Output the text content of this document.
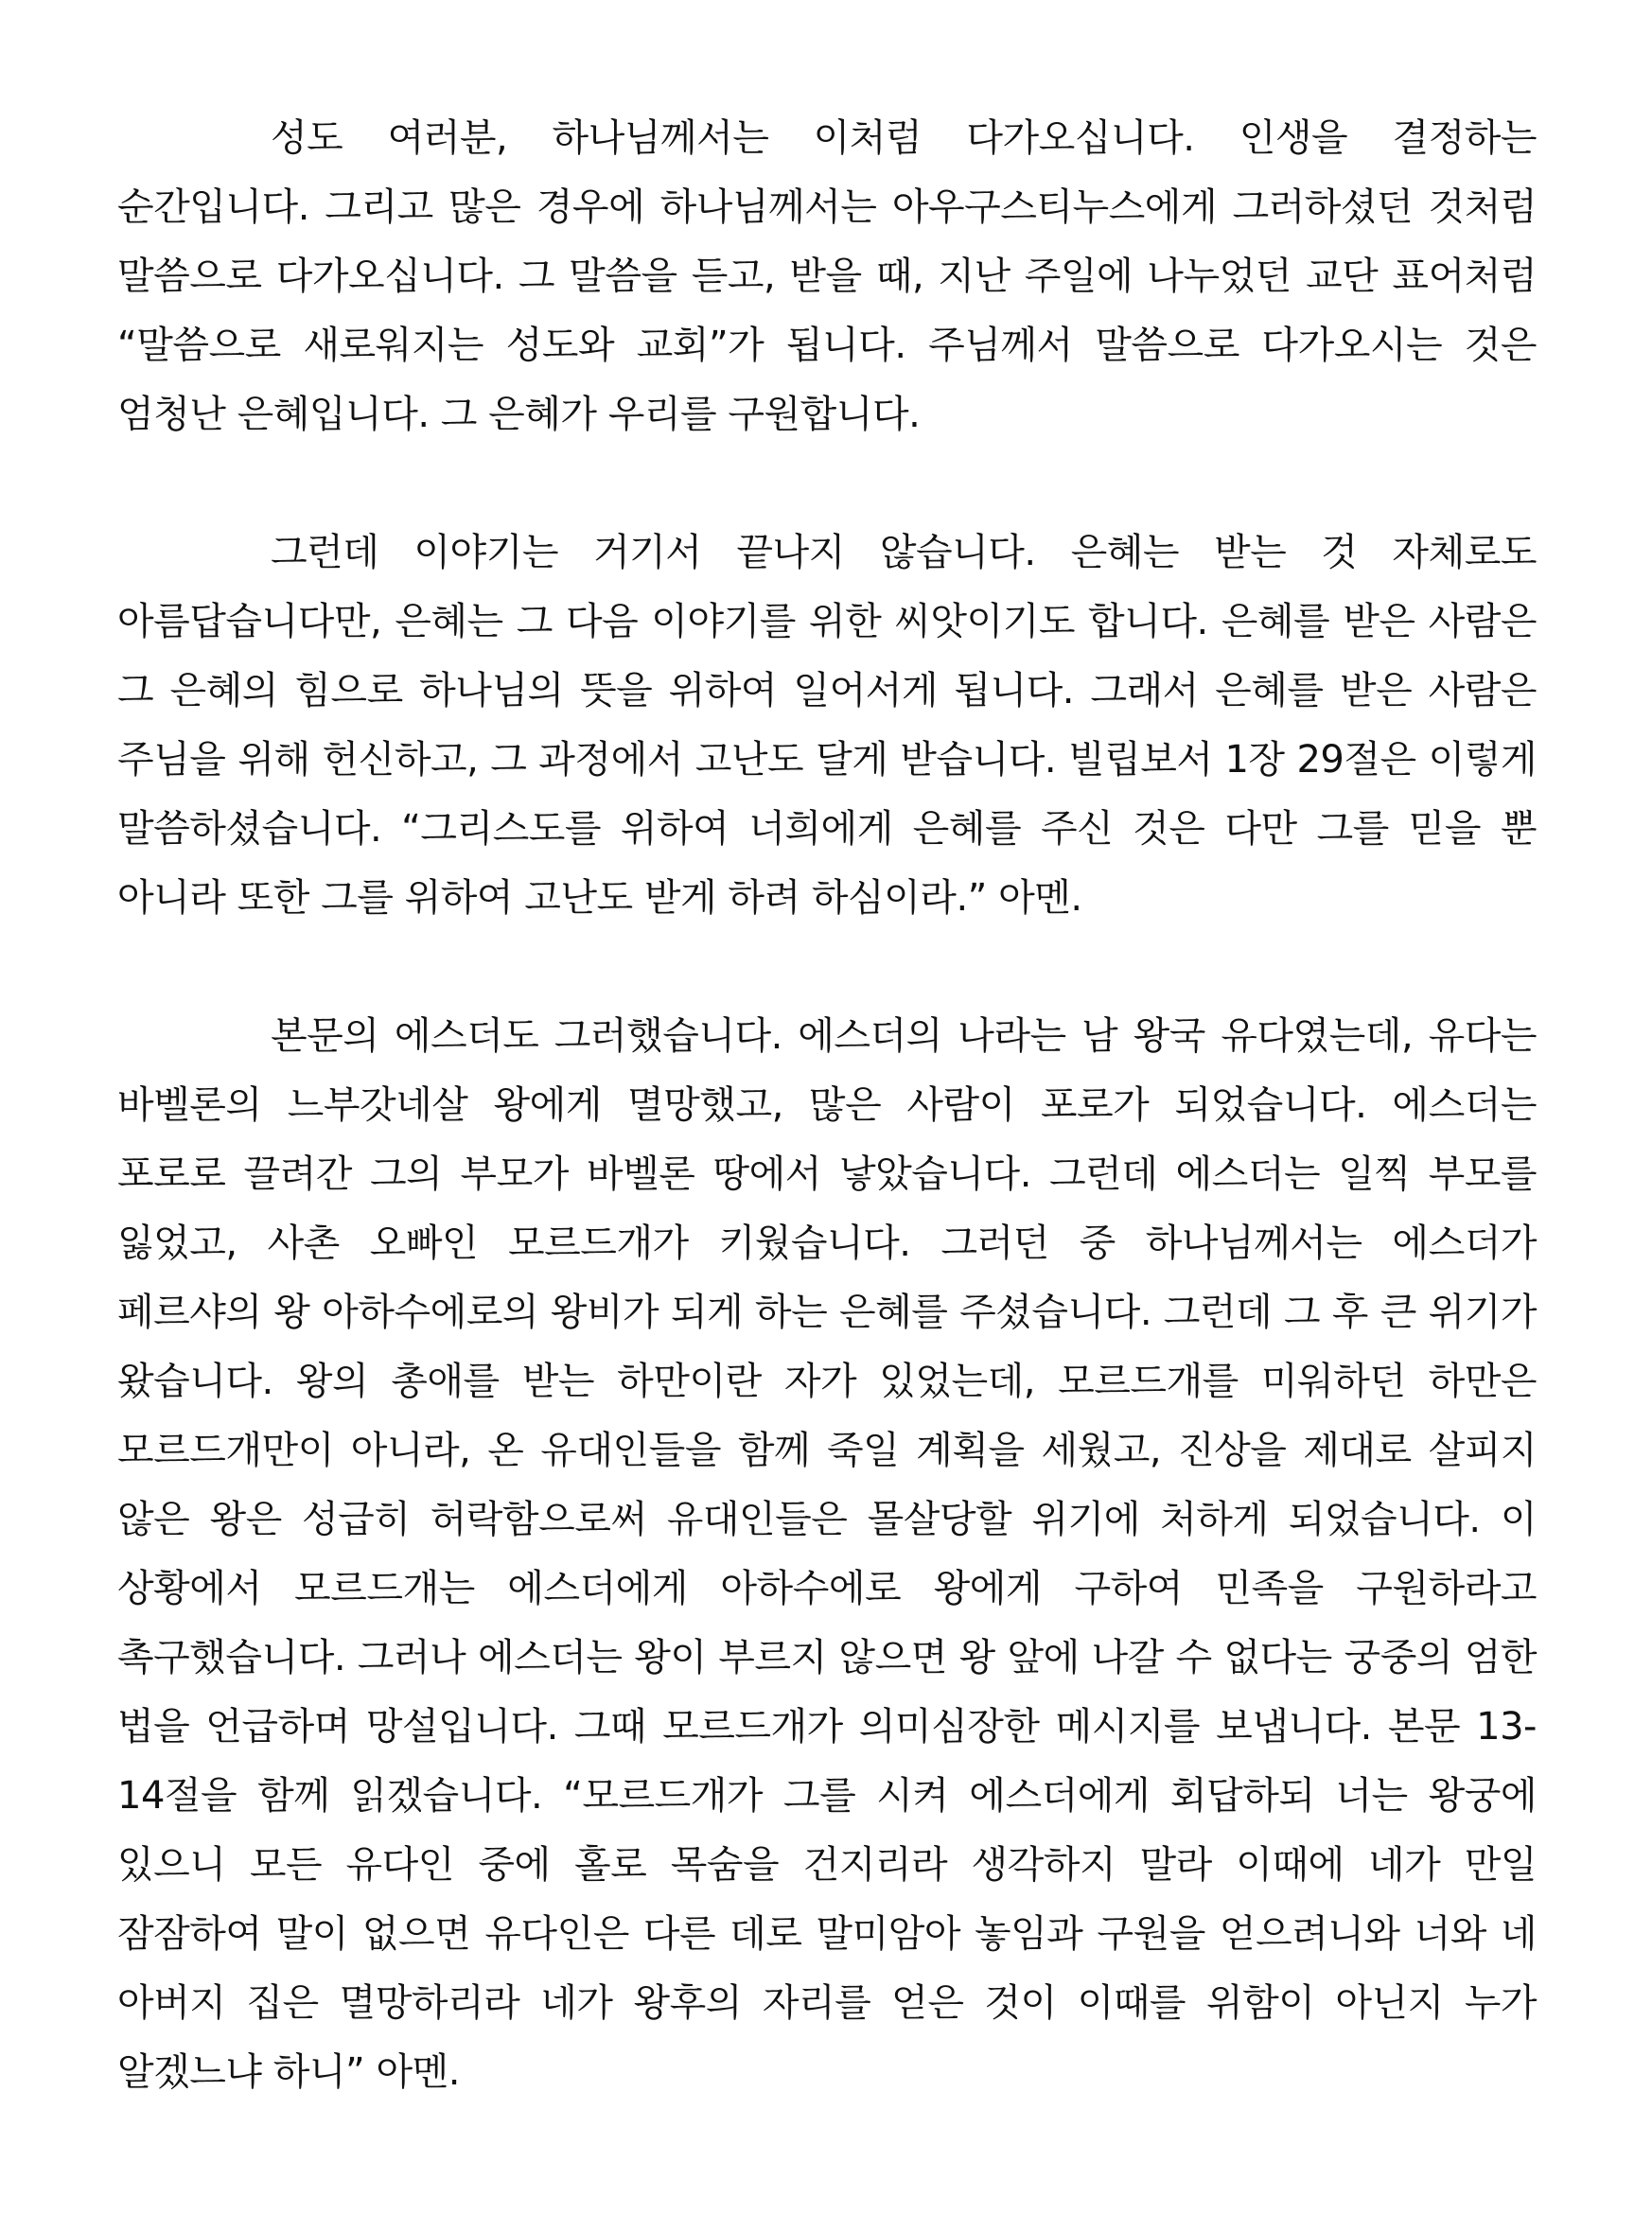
성도 여러분, 하나님께서는 이처럼 다가오십니다. 인생을 결정하는 순간입니다. 그리고 많은 경우에 하나님께서는 아우구스티누스에게 그러하셨던 것처럼 말씀으로 다가오십니다. 그 말씀을 듣고, 받을 때, 지난 주일에 나누었던 교단 표어처럼 “말씀으로 새로워지는 성도와 교회”가 됩니다. 주님께서 말씀으로 다가오시는 것은 엄청난 은혜입니다. 그 은혜가 우리를 구원합니다.

그런데 이야기는 거기서 끝나지 않습니다. 은혜는 받는 것 자체로도 아름답습니다만, 은혜는 그 다음 이야기를 위한 씨앗이기도 합니다. 은혜를 받은 사람은 그 은혜의 힘으로 하나님의 뜻을 위하여 일어서게 됩니다. 그래서 은혜를 받은 사람은 주님을 위해 헌신하고, 그 과정에서 고난도 달게 받습니다. 빌립보서 1장 29절은 이렇게 말씀하셨습니다. “그리스도를 위하여 너희에게 은혜를 주신 것은 다만 그를 믿을 뿐 아니라 또한 그를 위하여 고난도 받게 하려 하심이라.” 아멘.

본문의 에스더도 그러했습니다. 에스더의 나라는 남 왕국 유다였는데, 유다는 바벨론의 느부갓네살 왕에게 멸망했고, 많은 사람이 포로가 되었습니다. 에스더는 포로로 끌려간 그의 부모가 바벨론 땅에서 낳았습니다. 그런데 에스더는 일찍 부모를 잃었고, 사촌 오빠인 모르드개가 키웠습니다. 그러던 중 하나님께서는 에스더가 페르샤의 왕 아하수에로의 왕비가 되게 하는 은혜를 주셨습니다. 그런데 그 후 큰 위기가 왔습니다. 왕의 총애를 받는 하만이란 자가 있었는데, 모르드개를 미워하던 하만은 모르드개만이 아니라, 온 유대인들을 함께 죽일 계획을 세웠고, 진상을 제대로 살피지 않은 왕은 성급히 허락함으로써 유대인들은 몰살당할 위기에 처하게 되었습니다. 이 상황에서 모르드개는 에스더에게 아하수에로 왕에게 구하여 민족을 구원하라고 촉구했습니다. 그러나 에스더는 왕이 부르지 않으면 왕 앞에 나갈 수 없다는 궁중의 엄한 법을 언급하며 망설입니다. 그때 모르드개가 의미심장한 메시지를 보냅니다. 본문 13-14절을 함께 읽겠습니다. “모르드개가 그를 시켜 에스더에게 회답하되 너는 왕궁에 있으니 모든 유다인 중에 홀로 목숨을 건지리라 생각하지 말라 이때에 네가 만일 잠잠하여 말이 없으면 유다인은 다른 데로 말미암아 놓임과 구원을 얻으려니와 너와 네 아버지 집은 멸망하리라 네가 왕후의 자리를 얻은 것이 이때를 위함이 아닌지 누가 알겠느냐 하니” 아멘.
